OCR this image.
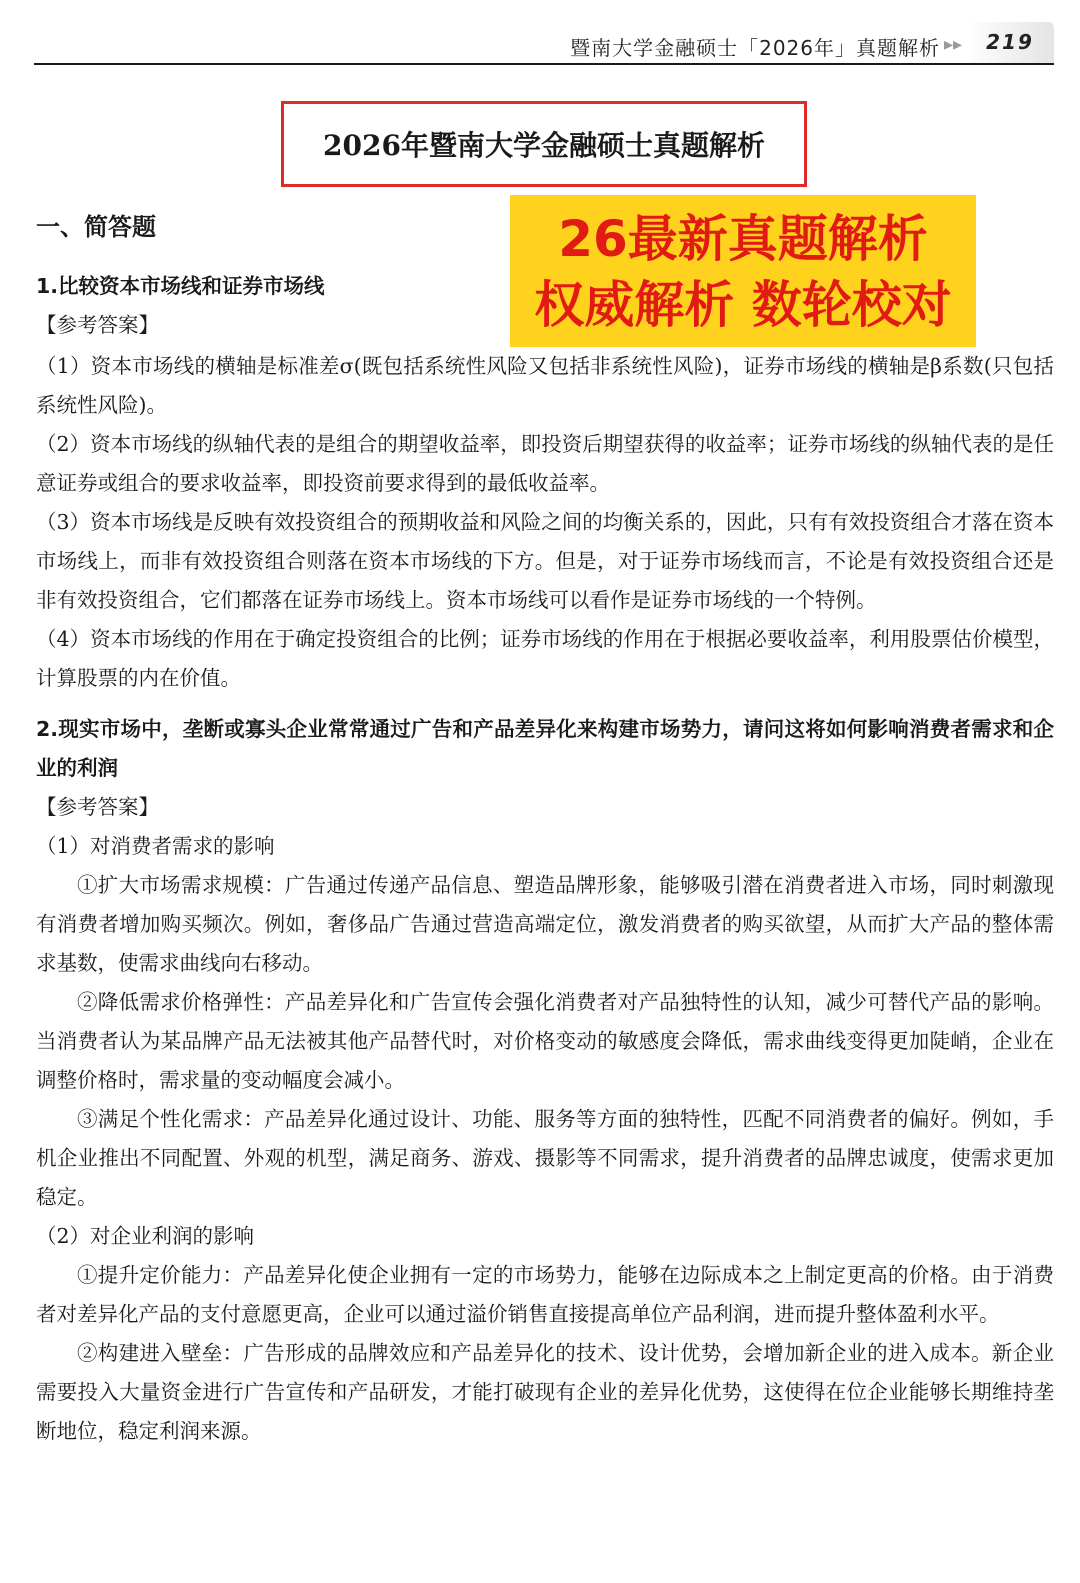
暨南大学金融硕士「2026年」真题解析 ▸▸	219
2026年暨南大学金融硕士真题解析
26最新真题解析
权威解析 数轮校对
一、简答题

1.比较资本市场线和证券市场线

【参考答案】

（1）资本市场线的横轴是标准差σ(既包括系统性风险又包括非系统性风险)，证券市场线的横轴是β系数(只包括系统性风险)。

（2）资本市场线的纵轴代表的是组合的期望收益率，即投资后期望获得的收益率；证券市场线的纵轴代表的是任意证券或组合的要求收益率，即投资前要求得到的最低收益率。

（3）资本市场线是反映有效投资组合的预期收益和风险之间的均衡关系的，因此，只有有效投资组合才落在资本市场线上，而非有效投资组合则落在资本市场线的下方。但是，对于证券市场线而言，不论是有效投资组合还是非有效投资组合，它们都落在证券市场线上。资本市场线可以看作是证券市场线的一个特例。

（4）资本市场线的作用在于确定投资组合的比例；证券市场线的作用在于根据必要收益率，利用股票估价模型，计算股票的内在价值。

2.现实市场中，垄断或寡头企业常常通过广告和产品差异化来构建市场势力，请问这将如何影响消费者需求和企业的利润

【参考答案】

（1）对消费者需求的影响

①扩大市场需求规模：广告通过传递产品信息、塑造品牌形象，能够吸引潜在消费者进入市场，同时刺激现有消费者增加购买频次。例如，奢侈品广告通过营造高端定位，激发消费者的购买欲望，从而扩大产品的整体需求基数，使需求曲线向右移动。

②降低需求价格弹性：产品差异化和广告宣传会强化消费者对产品独特性的认知，减少可替代产品的影响。当消费者认为某品牌产品无法被其他产品替代时，对价格变动的敏感度会降低，需求曲线变得更加陡峭，企业在调整价格时，需求量的变动幅度会减小。

③满足个性化需求：产品差异化通过设计、功能、服务等方面的独特性，匹配不同消费者的偏好。例如，手机企业推出不同配置、外观的机型，满足商务、游戏、摄影等不同需求，提升消费者的品牌忠诚度，使需求更加稳定。

（2）对企业利润的影响

①提升定价能力：产品差异化使企业拥有一定的市场势力，能够在边际成本之上制定更高的价格。由于消费者对差异化产品的支付意愿更高，企业可以通过溢价销售直接提高单位产品利润，进而提升整体盈利水平。

②构建进入壁垒：广告形成的品牌效应和产品差异化的技术、设计优势，会增加新企业的进入成本。新企业需要投入大量资金进行广告宣传和产品研发，才能打破现有企业的差异化优势，这使得在位企业能够长期维持垄断地位，稳定利润来源。
